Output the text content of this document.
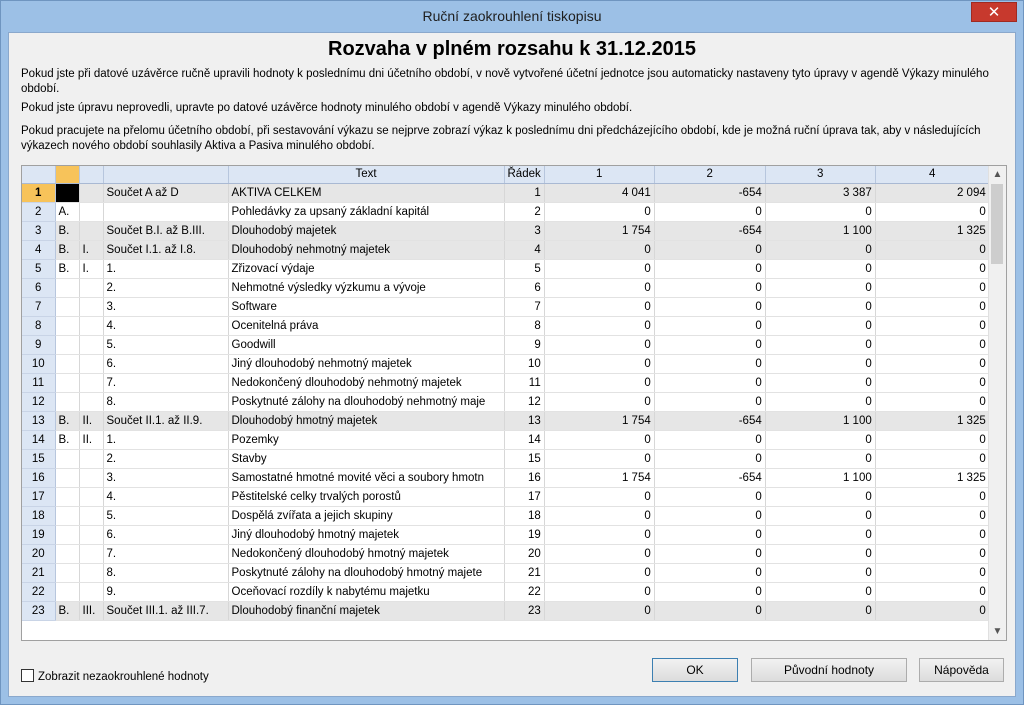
Ruční zaokrouhlení tiskopisu	✕
Rozvaha v plném rozsahu k 31.12.2015
Pokud jste při datové uzávěrce ručně upravili hodnoty k poslednímu dni účetního období, v nově vytvořené účetní jednotce jsou automaticky nastaveny tyto úpravy v agendě Výkazy minulého období.
Pokud jste úpravu neprovedli, upravte po datové uzávěrce hodnoty minulého období v agendě Výkazy minulého období.
Pokud pracujete na přelomu účetního období, při sestavování výkazu se nejprve zobrazí výkaz k poslednímu dni předcházejícího období, kde je možná ruční úprava tak, aby v následujících výkazech nového období souhlasily Aktiva a Pasiva minulého období.
				Text	Řádek	1	2	3	4
1			Součet A až D	AKTIVA CELKEM	1	4 041	-654	3 387	2 094
2	A.			Pohledávky za upsaný základní kapitál	2	0	0	0	0
3	B.		Součet B.I. až B.III.	Dlouhodobý majetek	3	1 754	-654	1 100	1 325
4	B.	I.	Součet I.1. až I.8.	Dlouhodobý nehmotný majetek	4	0	0	0	0
5	B.	I.	1.	Zřizovací výdaje	5	0	0	0	0
6			2.	Nehmotné výsledky výzkumu a vývoje	6	0	0	0	0
7			3.	Software	7	0	0	0	0
8			4.	Ocenitelná práva	8	0	0	0	0
9			5.	Goodwill	9	0	0	0	0
10			6.	Jiný dlouhodobý nehmotný majetek	10	0	0	0	0
11			7.	Nedokončený dlouhodobý nehmotný majetek	11	0	0	0	0
12			8.	Poskytnuté zálohy na dlouhodobý nehmotný maje	12	0	0	0	0
13	B.	II.	Součet II.1. až II.9.	Dlouhodobý hmotný majetek	13	1 754	-654	1 100	1 325
14	B.	II.	1.	Pozemky	14	0	0	0	0
15			2.	Stavby	15	0	0	0	0
16			3.	Samostatné hmotné movité věci a soubory hmotn	16	1 754	-654	1 100	1 325
17			4.	Pěstitelské celky trvalých porostů	17	0	0	0	0
18			5.	Dospělá zvířata a jejich skupiny	18	0	0	0	0
19			6.	Jiný dlouhodobý hmotný majetek	19	0	0	0	0
20			7.	Nedokončený dlouhodobý hmotný majetek	20	0	0	0	0
21			8.	Poskytnuté zálohy na dlouhodobý hmotný majete	21	0	0	0	0
22			9.	Oceňovací rozdíly k nabytému majetku	22	0	0	0	0
23	B.	III.	Součet III.1. až III.7.	Dlouhodobý finanční majetek	23	0	0	0	0
▲
▼
Zobrazit nezaokrouhlené hodnoty	OK	Původní hodnoty	Nápověda
